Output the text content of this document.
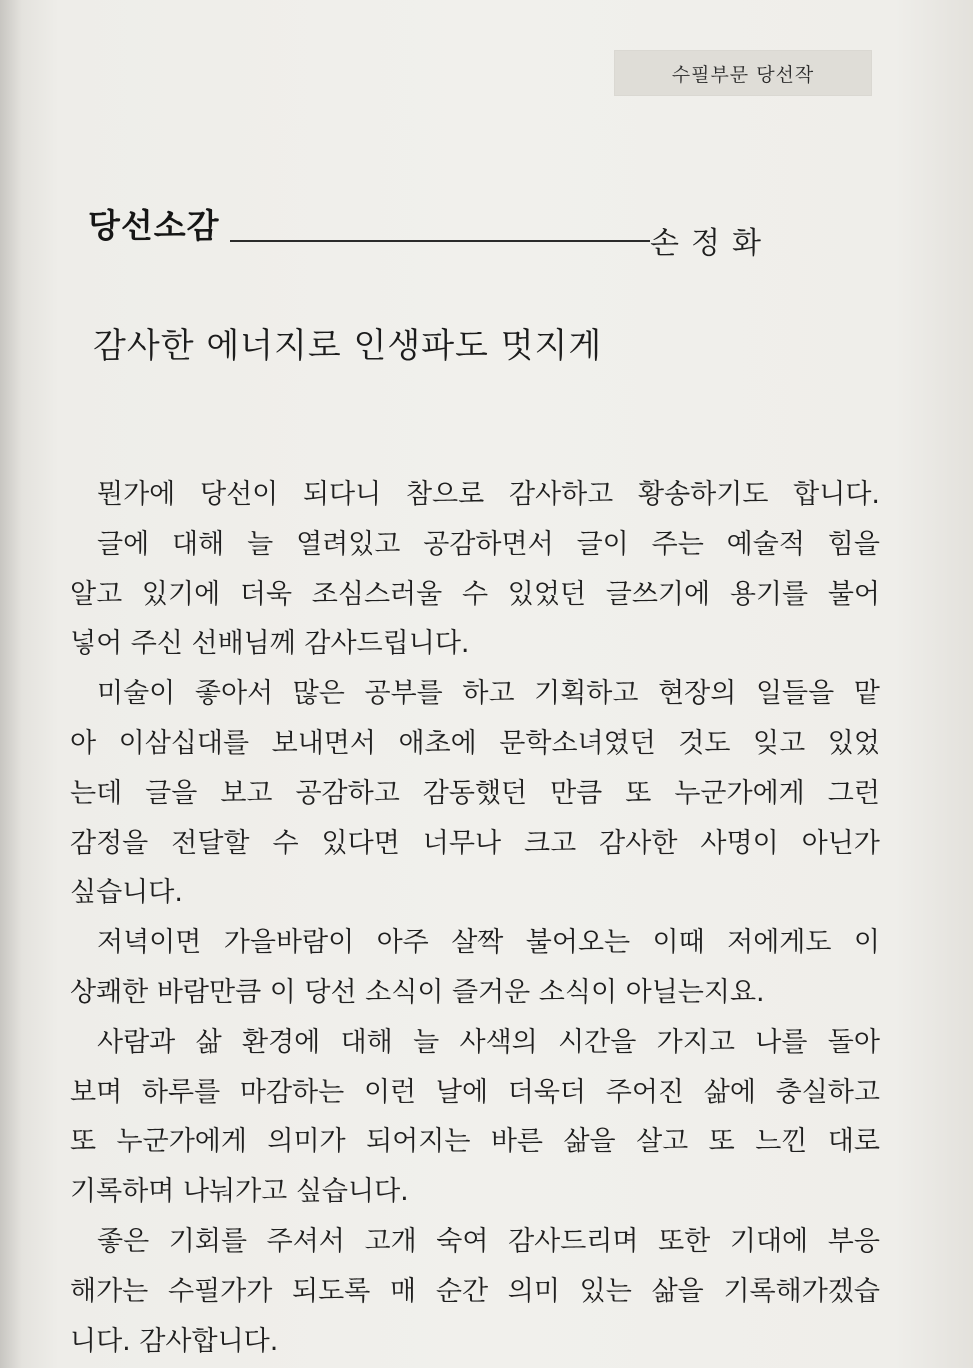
수필부문 당선작
당선소감	손정화
감사한 에너지로 인생파도 멋지게
뭔가에 당선이 되다니 참으로 감사하고 황송하기도 합니다.
글에 대해 늘 열려있고 공감하면서 글이 주는 예술적 힘을
알고 있기에 더욱 조심스러울 수 있었던 글쓰기에 용기를 불어
넣어 주신 선배님께 감사드립니다.
미술이 좋아서 많은 공부를 하고 기획하고 현장의 일들을 맡
아 이삼십대를 보내면서 애초에 문학소녀였던 것도 잊고 있었
는데 글을 보고 공감하고 감동했던 만큼 또 누군가에게 그런
감정을 전달할 수 있다면 너무나 크고 감사한 사명이 아닌가
싶습니다.
저녁이면 가을바람이 아주 살짝 불어오는 이때 저에게도 이
상쾌한 바람만큼 이 당선 소식이 즐거운 소식이 아닐는지요.
사람과 삶 환경에 대해 늘 사색의 시간을 가지고 나를 돌아
보며 하루를 마감하는 이런 날에 더욱더 주어진 삶에 충실하고
또 누군가에게 의미가 되어지는 바른 삶을 살고 또 느낀 대로
기록하며 나눠가고 싶습니다.
좋은 기회를 주셔서 고개 숙여 감사드리며 또한 기대에 부응
해가는 수필가가 되도록 매 순간 의미 있는 삶을 기록해가겠습
니다. 감사합니다.
